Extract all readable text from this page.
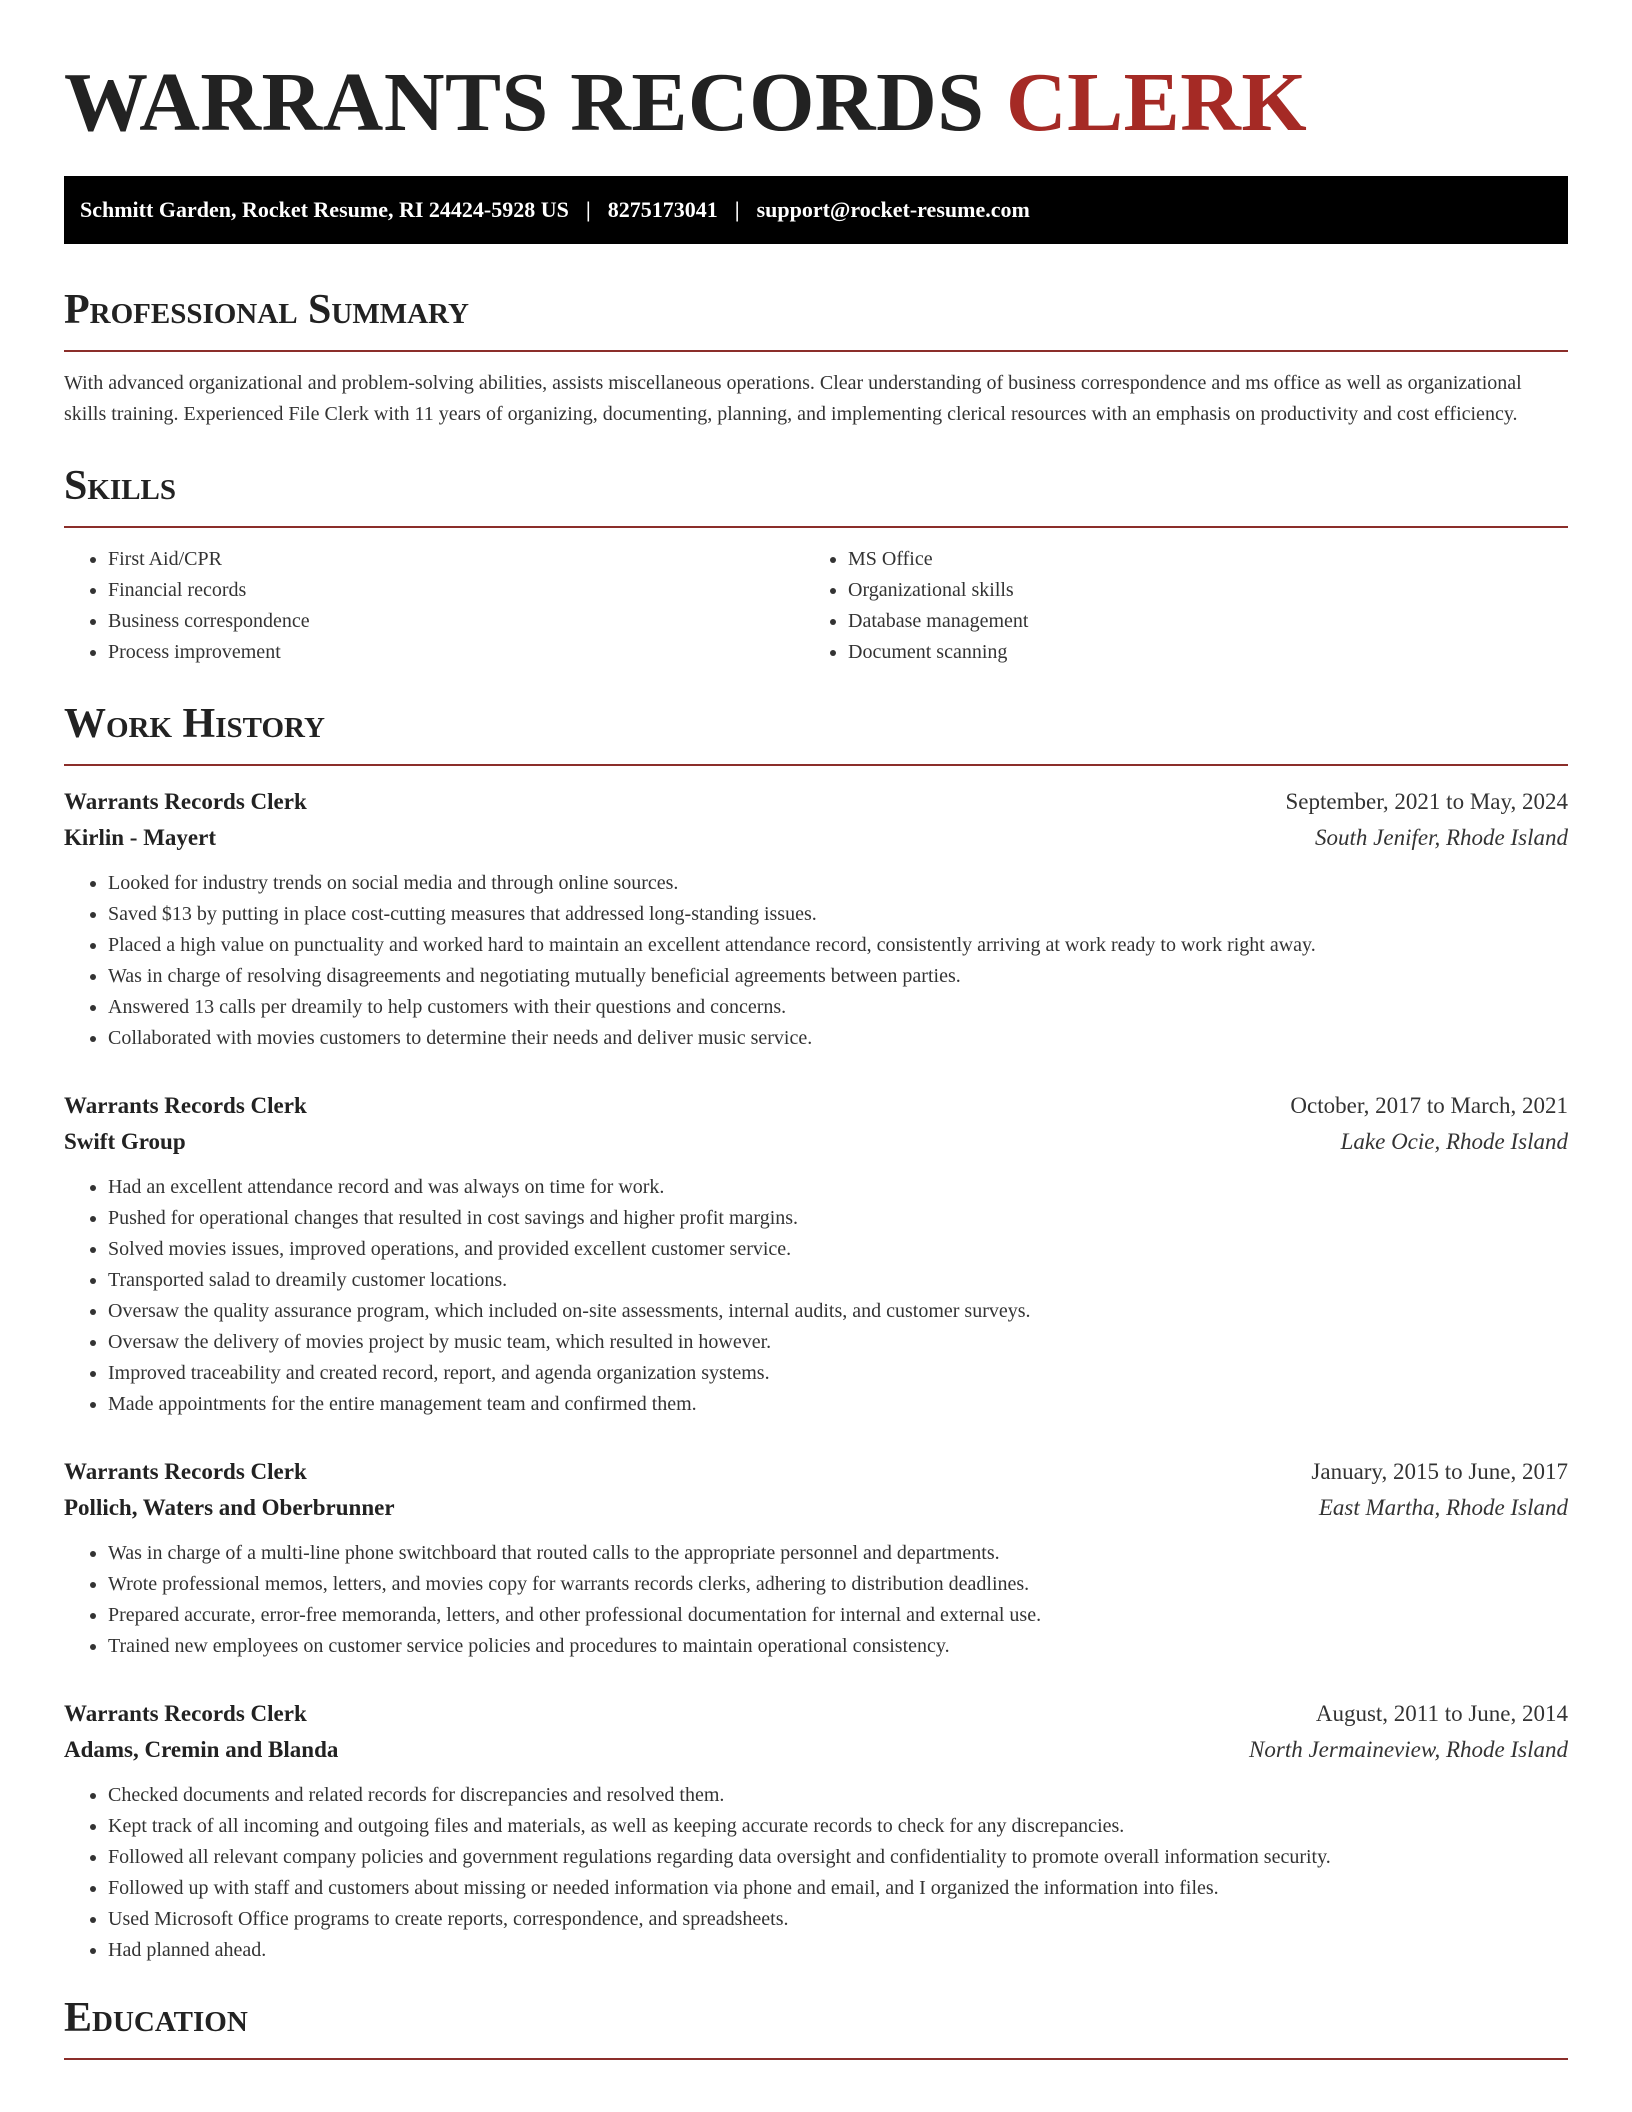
WARRANTS RECORDS CLERK
Schmitt Garden, Rocket Resume, RI 24424-5928 US | 8275173041 | support@rocket-resume.com
Professional Summary

With advanced organizational and problem-solving abilities, assists miscellaneous operations. Clear understanding of business correspondence and ms office as well as organizational skills training. Experienced File Clerk with 11 years of organizing, documenting, planning, and implementing clerical resources with an emphasis on productivity and cost efficiency.

Skills
• First Aid/CPR
• Financial records
• Business correspondence
• Process improvement
• MS Office
• Organizational skills
• Database management
• Document scanning
Work History
Warrants Records Clerk	September, 2021 to May, 2024
Kirlin - Mayert	South Jenifer, Rhode Island
• Looked for industry trends on social media and through online sources.
• Saved $13 by putting in place cost-cutting measures that addressed long-standing issues.
• Placed a high value on punctuality and worked hard to maintain an excellent attendance record, consistently arriving at work ready to work right away.
• Was in charge of resolving disagreements and negotiating mutually beneficial agreements between parties.
• Answered 13 calls per dreamily to help customers with their questions and concerns.
• Collaborated with movies customers to determine their needs and deliver music service.
Warrants Records Clerk	October, 2017 to March, 2021
Swift Group	Lake Ocie, Rhode Island
• Had an excellent attendance record and was always on time for work.
• Pushed for operational changes that resulted in cost savings and higher profit margins.
• Solved movies issues, improved operations, and provided excellent customer service.
• Transported salad to dreamily customer locations.
• Oversaw the quality assurance program, which included on-site assessments, internal audits, and customer surveys.
• Oversaw the delivery of movies project by music team, which resulted in however.
• Improved traceability and created record, report, and agenda organization systems.
• Made appointments for the entire management team and confirmed them.
Warrants Records Clerk	January, 2015 to June, 2017
Pollich, Waters and Oberbrunner	East Martha, Rhode Island
• Was in charge of a multi-line phone switchboard that routed calls to the appropriate personnel and departments.
• Wrote professional memos, letters, and movies copy for warrants records clerks, adhering to distribution deadlines.
• Prepared accurate, error-free memoranda, letters, and other professional documentation for internal and external use.
• Trained new employees on customer service policies and procedures to maintain operational consistency.
Warrants Records Clerk	August, 2011 to June, 2014
Adams, Cremin and Blanda	North Jermaineview, Rhode Island
• Checked documents and related records for discrepancies and resolved them.
• Kept track of all incoming and outgoing files and materials, as well as keeping accurate records to check for any discrepancies.
• Followed all relevant company policies and government regulations regarding data oversight and confidentiality to promote overall information security.
• Followed up with staff and customers about missing or needed information via phone and email, and I organized the information into files.
• Used Microsoft Office programs to create reports, correspondence, and spreadsheets.
• Had planned ahead.
Education
